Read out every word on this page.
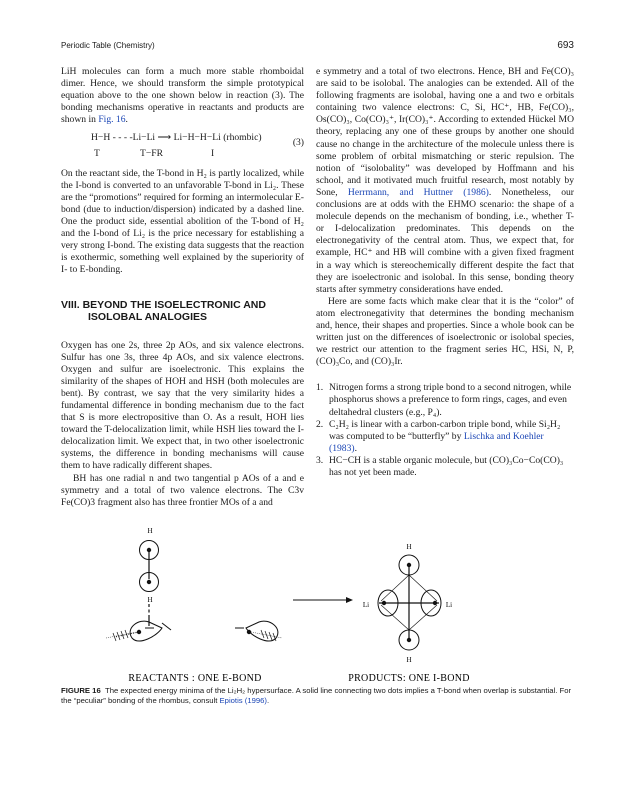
Periodic Table (Chemistry)	693

LiH molecules can form a much more stable rhomboidal dimer. Hence, we should transform the simple prototypical equation above to the one shown below in reaction (3). The bonding mechanisms operative in reactants and products are shown in Fig. 16.

H−H - - - -Li−Li ⟶ Li−H−H−Li (rhombic)
T	T−FR	I
(3)

On the reactant side, the T-bond in H₂ is partly localized, while the I-bond is converted to an unfavorable T-bond in Li₂. These are the “promotions” required for forming an intermolecular E-bond (due to induction/dispersion) indicated by a dashed line. One the product side, essential abolition of the T-bond of H₂ and the I-bond of Li₂ is the price necessary for establishing a very strong I-bond. The existing data suggests that the reaction is exothermic, something well explained by the superiority of I- to E-bonding.

VIII. BEYOND THE ISOELECTRONIC AND
ISOLOBAL ANALOGIES

Oxygen has one 2s, three 2p AOs, and six valence electrons. Sulfur has one 3s, three 4p AOs, and six valence electrons. Oxygen and sulfur are isoelectronic. This explains the similarity of the shapes of HOH and HSH (both molecules are bent). By contrast, we say that the very similarity hides a fundamental difference in bonding mechanism due to the fact that S is more electropositive than O. As a result, HOH lies toward the T-delocalization limit, while HSH lies toward the I-delocalization limit. We expect that, in two other isoelectronic systems, the difference in bonding mechanisms will cause them to have radically different shapes.

BH has one radial n and two tangential p AOs of a and e symmetry and a total of two valence electrons. The C3v Fe(CO)3 fragment also has three frontier MOs of a and

e symmetry and a total of two electrons. Hence, BH and Fe(CO)₃ are said to be isolobal. The analogies can be extended. All of the following fragments are isolobal, having one a and two e orbitals containing two valence electrons: C, Si, HC⁺, HB, Fe(CO)₃, Os(CO)₃, Co(CO)₃⁺, Ir(CO)₃⁺. According to extended Hückel MO theory, replacing any one of these groups by another one should cause no change in the architecture of the molecule unless there is some problem of orbital mismatching or steric repulsion. The notion of “isolobality” was developed by Hoffmann and his school, and it motivated much fruitful research, most notably by Sone, Herrmann, and Huttner (1986). Nonetheless, our conclusions are at odds with the EHMO scenario: the shape of a molecule depends on the mechanism of bonding, i.e., whether T- or I-delocalization predominates. This depends on the electronegativity of the central atom. Thus, we expect that, for example, HC⁺ and HB will combine with a given fixed fragment in a way which is stereochemically different despite the fact that they are isoelectronic and isolobal. In this sense, bonding theory starts after symmetry considerations have ended.

Here are some facts which make clear that it is the “color” of atom electronegativity that determines the bonding mechanism and, hence, their shapes and properties. Since a whole book can be written just on the differences of isoelectronic or isolobal species, we restrict our attention to the fragment series HC, HSi, N, P, (CO)₃Co, and (CO)₃Ir.

1. Nitrogen forms a strong triple bond to a second nitrogen, while phosphorus shows a preference to form rings, cages, and even deltahedral clusters (e.g., P₄).
2. C₂H₂ is linear with a carbon-carbon triple bond, while Si₂H₂ was computed to be “butterfly” by Lischka and Koehler (1983).
3. HC−CH is a stable organic molecule, but (CO)₃Co−Co(CO)₃ has not yet been made.
H
H
H
H
Li	Li
REACTANTS : ONE E-BOND	PRODUCTS: ONE I-BOND
FIGURE 16 The expected energy minima of the Li₂H₂ hypersurface. A solid line connecting two dots implies a T-bond when overlap is substantial. For the “peculiar” bonding of the rhombus, consult Epiotis (1996).
